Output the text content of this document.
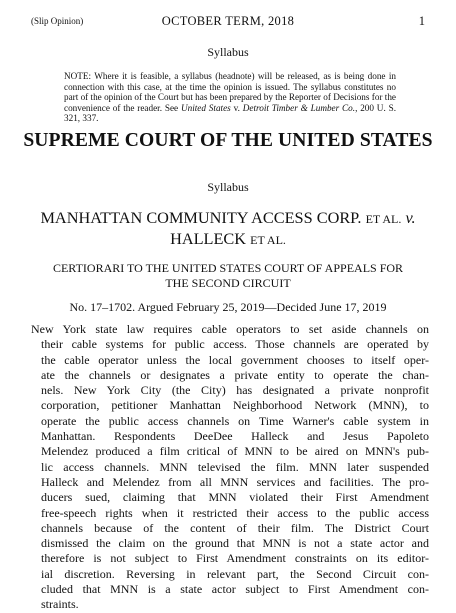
(Slip Opinion)	OCTOBER TERM, 2018	1
Syllabus
NOTE: Where it is feasible, a syllabus (headnote) will be released, as is being done in connection with this case, at the time the opinion is issued. The syllabus constitutes no part of the opinion of the Court but has been prepared by the Reporter of Decisions for the convenience of the reader. See United States v. Detroit Timber & Lumber Co., 200 U. S. 321, 337.
SUPREME COURT OF THE UNITED STATES
Syllabus
MANHATTAN COMMUNITY ACCESS CORP. ET AL. v.
HALLECK ET AL.
CERTIORARI TO THE UNITED STATES COURT OF APPEALS FOR
THE SECOND CIRCUIT
No. 17–1702. Argued February 25, 2019—Decided June 17, 2019
New York state law requires cable operators to set aside channels on
their cable systems for public access. Those channels are operated by
the cable operator unless the local government chooses to itself oper-
ate the channels or designates a private entity to operate the chan-
nels. New York City (the City) has designated a private nonprofit
corporation, petitioner Manhattan Neighborhood Network (MNN), to
operate the public access channels on Time Warner's cable system in
Manhattan. Respondents DeeDee Halleck and Jesus Papoleto
Melendez produced a film critical of MNN to be aired on MNN's pub-
lic access channels. MNN televised the film. MNN later suspended
Halleck and Melendez from all MNN services and facilities. The pro-
ducers sued, claiming that MNN violated their First Amendment
free-speech rights when it restricted their access to the public access
channels because of the content of their film. The District Court
dismissed the claim on the ground that MNN is not a state actor and
therefore is not subject to First Amendment constraints on its editor-
ial discretion. Reversing in relevant part, the Second Circuit con-
cluded that MNN is a state actor subject to First Amendment con-
straints.
